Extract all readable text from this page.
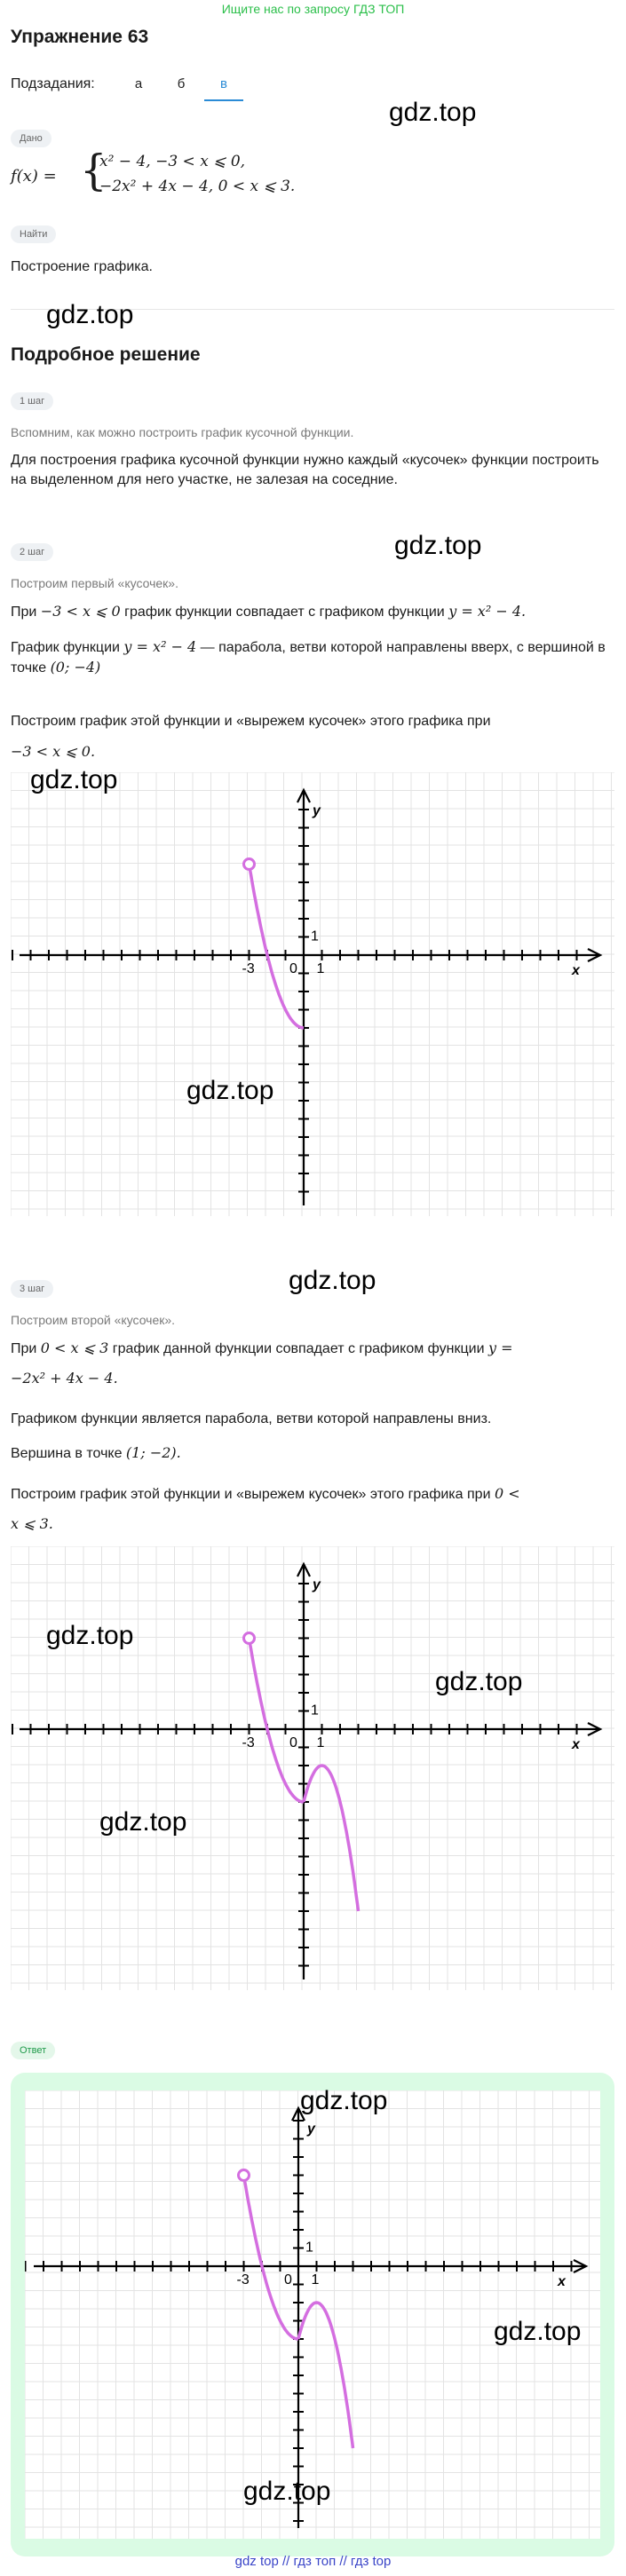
Ищите нас по запросу ГДЗ ТОП
Упражнение 63
Подзадания:	а	б	в
gdz.top
Дано
f(x) = {
x² − 4, −3 < x ⩽ 0,
−2x² + 4x − 4, 0 < x ⩽ 3.
Найти
Построение графика.
gdz.top
Подробное решение
1 шаг
Вспомним, как можно построить график кусочной функции.
Для построения графика кусочной функции нужно каждый «кусочек» функции построить на выделенном для него участке, не залезая на соседние.
2 шаг	gdz.top
Построим первый «кусочек».
При −3 < x ⩽ 0 график функции совпадает с графиком функции y = x² − 4.
График функции y = x² − 4 — парабола, ветви которой направлены вверх, с вершиной в точке (0; −4)
Построим график этой функции и «вырежем кусочек» этого графика при
−3 < x ⩽ 0.
y
x
1
1
0
-3
gdz.top
gdz.top
gdz.top
3 шаг
Построим второй «кусочек».
При 0 < x ⩽ 3 график данной функции совпадает с графиком функции y =
−2x² + 4x − 4.
Графиком функции является парабола, ветви которой направлены вниз.
Вершина в точке (1; −2).
Построим график этой функции и «вырежем кусочек» этого графика при 0 <
x ⩽ 3.
y
x
1
1
0
-3
gdz.top
gdz.top
gdz.top
Ответ
y
x
1
1
0
-3
gdz.top
gdz.top
gdz.top
gdz top // гдз топ // гдз top
